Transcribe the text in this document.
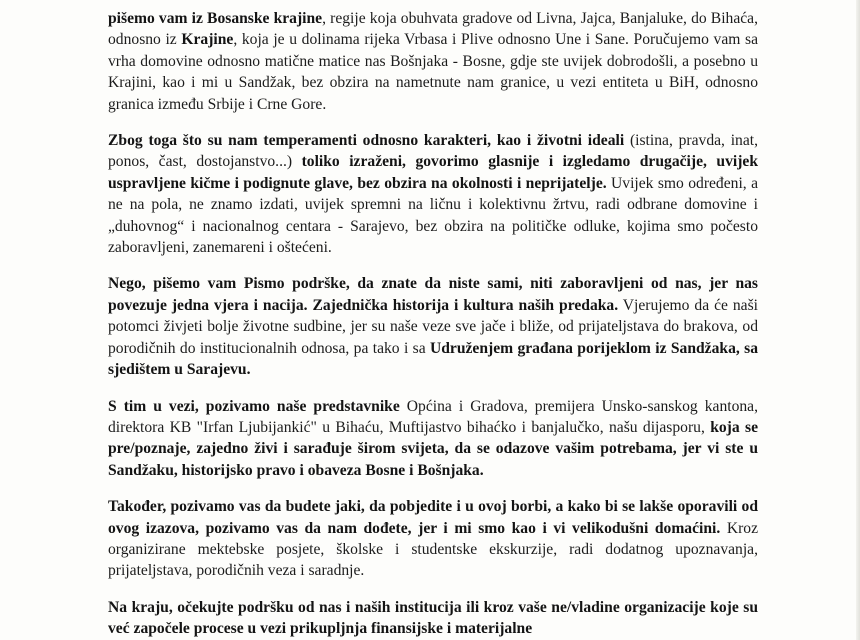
pišemo vam iz Bosanske krajine, regije koja obuhvata gradove od Livna, Jajca, Banjaluke, do Bihaća, odnosno iz Krajine, koja je u dolinama rijeka Vrbasa i Plive odnosno Une i Sane. Poručujemo vam sa vrha domovine odnosno matične matice nas Bošnjaka - Bosne, gdje ste uvijek dobrodošli, a posebno u Krajini, kao i mi u Sandžak, bez obzira na nametnute nam granice, u vezi entiteta u BiH, odnosno granica između Srbije i Crne Gore.

Zbog toga što su nam temperamenti odnosno karakteri, kao i životni ideali (istina, pravda, inat, ponos, čast, dostojanstvo...) toliko izraženi, govorimo glasnije i izgledamo drugačije, uvijek uspravljene kičme i podignute glave, bez obzira na okolnosti i neprijatelje. Uvijek smo određeni, a ne na pola, ne znamo izdati, uvijek spremni na ličnu i kolektivnu žrtvu, radi odbrane domovine i „duhovnog“ i nacionalnog centara - Sarajevo, bez obzira na političke odluke, kojima smo počesto zaboravljeni, zanemareni i oštećeni.

Nego, pišemo vam Pismo podrške, da znate da niste sami, niti zaboravljeni od nas, jer nas povezuje jedna vjera i nacija. Zajednička historija i kultura naših predaka. Vjerujemo da će naši potomci živjeti bolje životne sudbine, jer su naše veze sve jače i bliže, od prijateljstava do brakova, od porodičnih do institucionalnih odnosa, pa tako i sa Udruženjem građana porijeklom iz Sandžaka, sa sjedištem u Sarajevu.

S tim u vezi, pozivamo naše predstavnike Općina i Gradova, premijera Unsko-sanskog kantona, direktora KB "Irfan Ljubijankić" u Bihaću, Muftijastvo bihaćko i banjalučko, našu dijasporu, koja se pre/poznaje, zajedno živi i sarađuje širom svijeta, da se odazove vašim potrebama, jer vi ste u Sandžaku, historijsko pravo i obaveza Bosne i Bošnjaka.

Također, pozivamo vas da budete jaki, da pobjedite i u ovoj borbi, a kako bi se lakše oporavili od ovog izazova, pozivamo vas da nam dođete, jer i mi smo kao i vi velikodušni domaćini. Kroz organizirane mektebske posjete, školske i studentske ekskurzije, radi dodatnog upoznavanja, prijateljstava, porodičnih veza i saradnje.

Na kraju, očekujte podršku od nas i naših institucija ili kroz vaše ne/vladine organizacije koje su već započele procese u vezi prikupljnja finansijske i materijalne
